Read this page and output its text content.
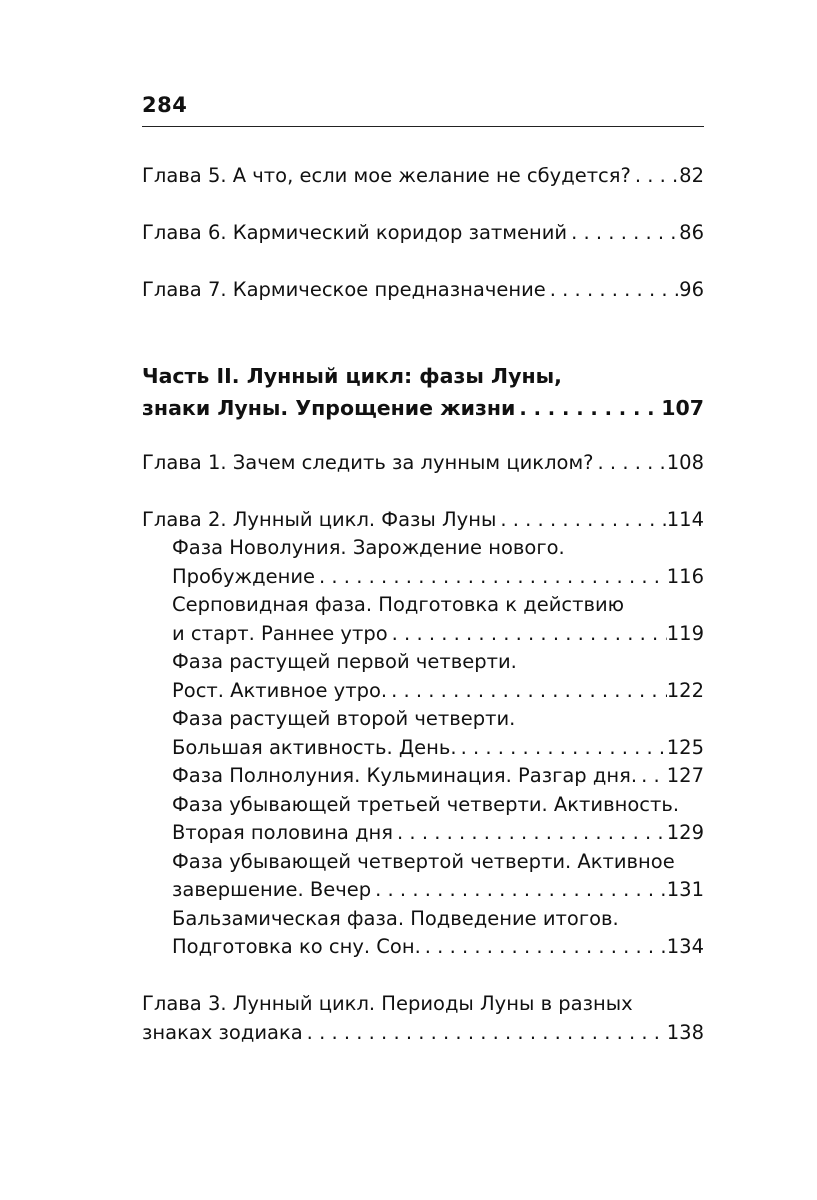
284
Глава 5. А что, если мое желание не сбудется? . . . 82
Глава 6. Кармический коридор затмений . . .	86
Глава 7. Кармическое предназначение . . .	96
Часть II. Лунный цикл: фазы Луны,
знаки Луны. Упрощение жизни . . .	107
Глава 1. Зачем следить за лунным циклом? . . .	108
Глава 2. Лунный цикл. Фазы Луны . . .	114
Фаза Новолуния. Зарождение нового.
Пробуждение . . .	116
Серповидная фаза. Подготовка к действию
и старт. Раннее утро . . .	119
Фаза растущей первой четверти.
Рост. Активное утро. . . .	122
Фаза растущей второй четверти.
Большая активность. День. . . .	125
Фаза Полнолуния. Кульминация. Разгар дня. . . . 127
Фаза убывающей третьей четверти. Активность.
Вторая половина дня . . .	129
Фаза убывающей четвертой четверти. Активное
завершение. Вечер . . .	131
Бальзамическая фаза. Подведение итогов.
Подготовка ко сну. Сон. . . .	134
Глава 3. Лунный цикл. Периоды Луны в разных
знаках зодиака . . .	138
